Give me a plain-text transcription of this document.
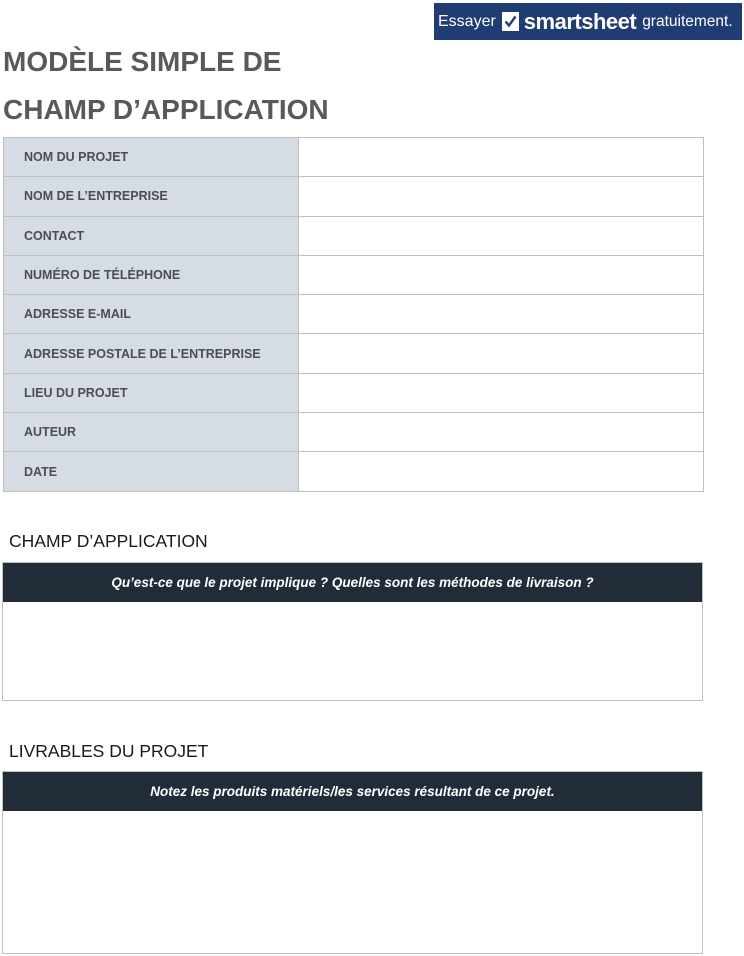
Essayer smartsheet gratuitement.
MODÈLE SIMPLE DE
CHAMP D’APPLICATION
NOM DU PROJET	
NOM DE L’ENTREPRISE	
CONTACT	
NUMÉRO DE TÉLÉPHONE	
ADRESSE E-MAIL	
ADRESSE POSTALE DE L’ENTREPRISE	
LIEU DU PROJET	
AUTEUR	
DATE	
CHAMP D’APPLICATION
Qu’est-ce que le projet implique ? Quelles sont les méthodes de livraison ?
LIVRABLES DU PROJET
Notez les produits matériels/les services résultant de ce projet.
